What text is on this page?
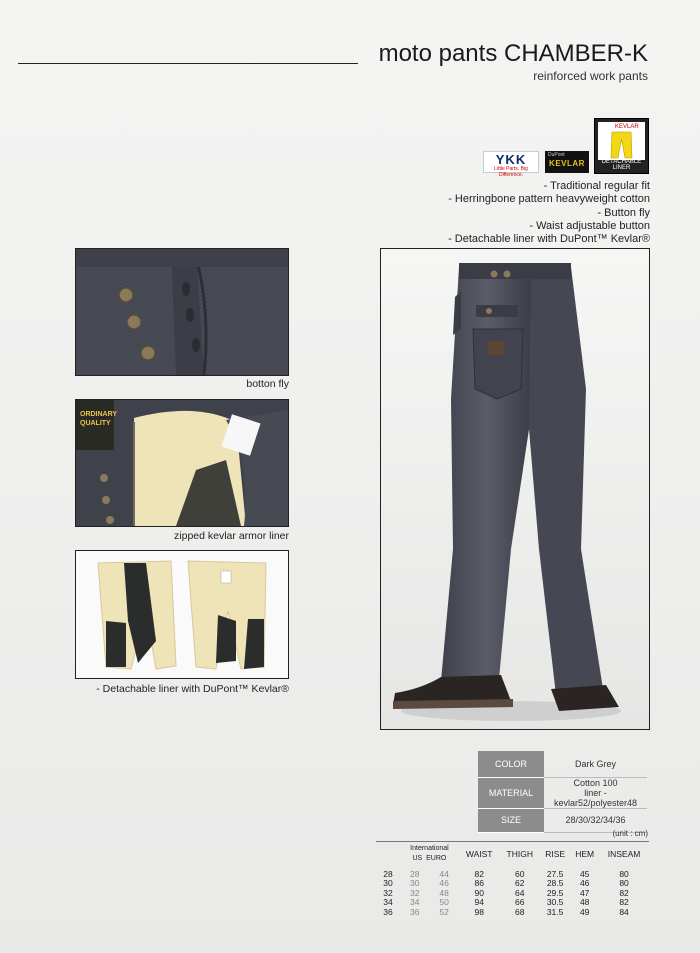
moto pants CHAMBER-K
reinforced work pants
YKK
Little Parts. Big Difference.
DuPont
KEVLAR
KEVLAR
DETACHABLE LINER
- Traditional regular fit
- Herringbone pattern heavyweight cotton
- Button fly
- Waist adjustable button
- Detachable liner with DuPont™ Kevlar®
botton fly
ORDINARY QUALITY
zipped kevlar armor liner
- Detachable liner with DuPont™ Kevlar®
COLOR	Dark Grey
MATERIAL	Cotton 100
liner - kevlar52/polyester48

SIZE	28/30/32/34/36
(unit : cm)

	International
US EURO		WAIST	THIGH	RISE	HEM	INSEAM
28	28	44	82	60	27.5	45	80
30	30	46	86	62	28.5	46	80
32	32	48	90	64	29.5	47	82
34	34	50	94	66	30.5	48	82
36	36	52	98	68	31.5	49	84
